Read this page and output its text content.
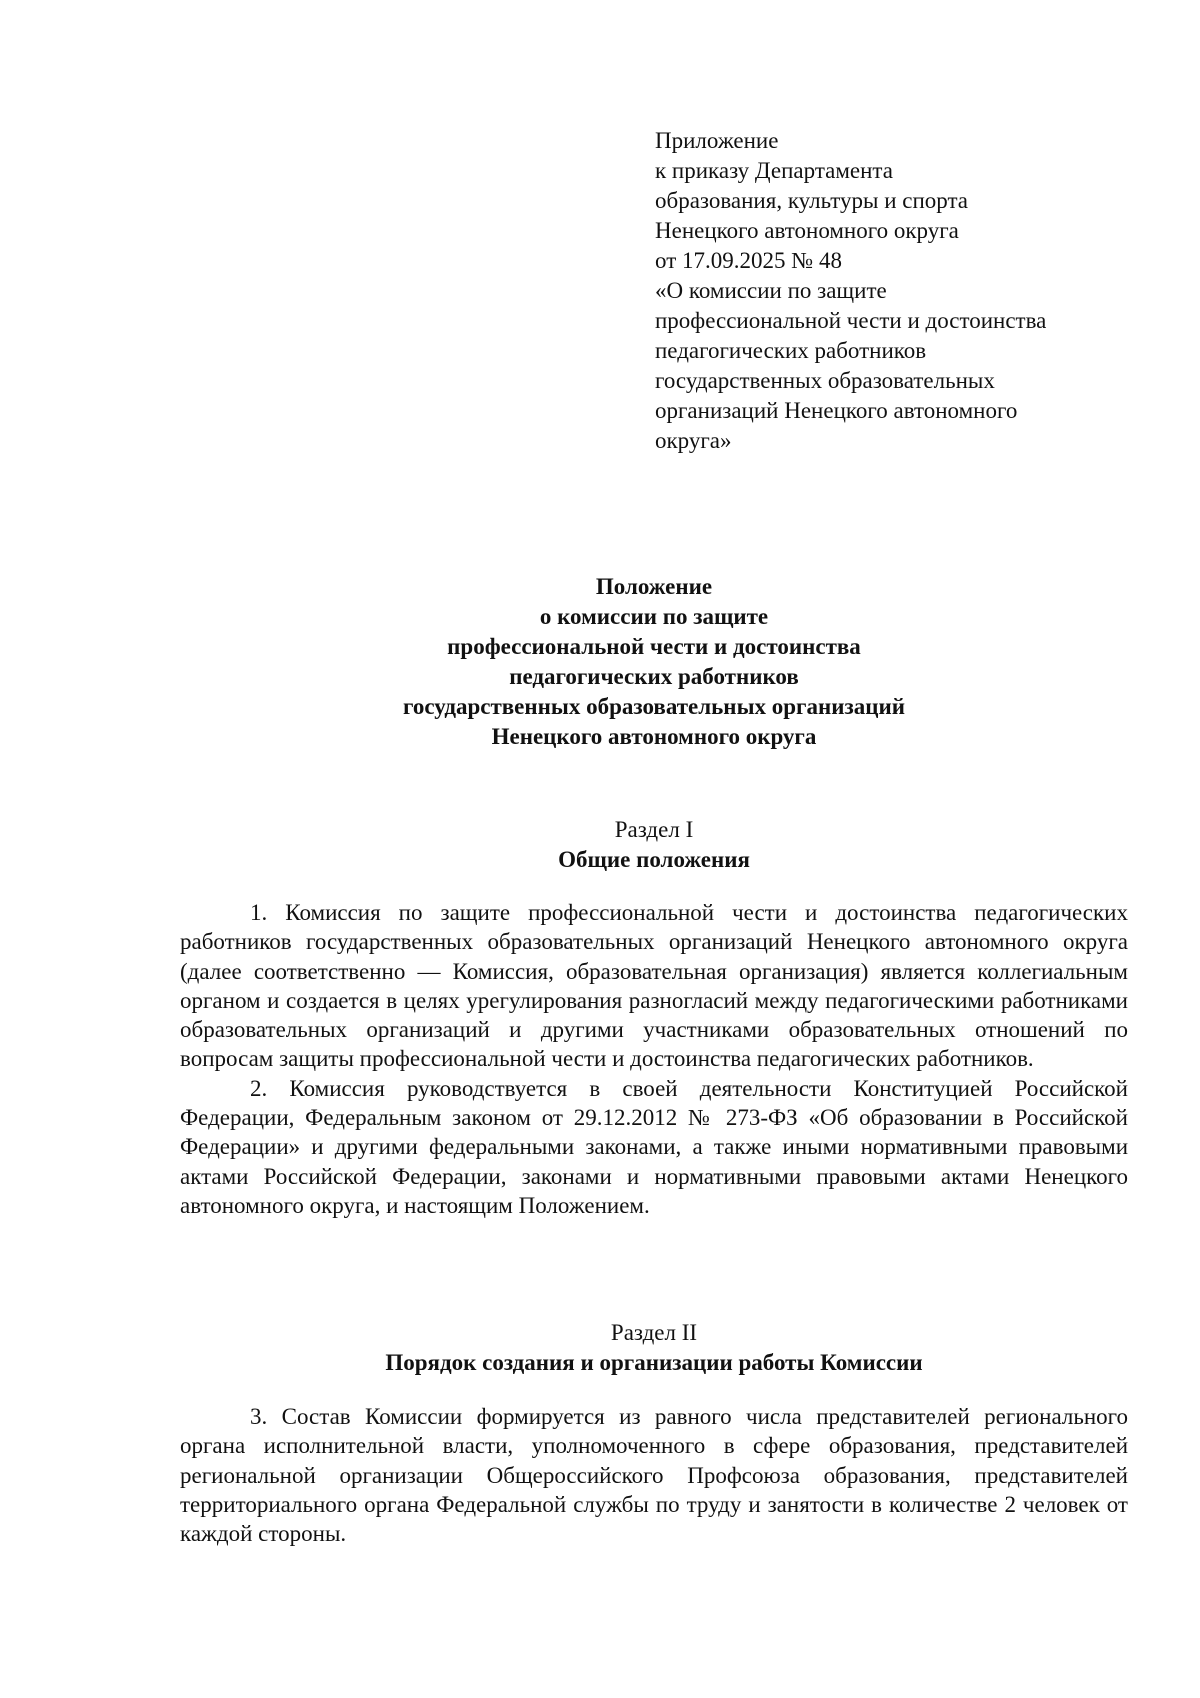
Приложение
к приказу Департамента
образования, культуры и спорта
Ненецкого автономного округа
от 17.09.2025 № 48
«О комиссии по защите
профессиональной чести и достоинства
педагогических работников
государственных образовательных
организаций Ненецкого автономного
округа»
Положение
о комиссии по защите
профессиональной чести и достоинства
педагогических работников
государственных образовательных организаций
Ненецкого автономного округа
Раздел I
Общие положения

1. Комиссия по защите профессиональной чести и достоинства педагогических работников государственных образовательных организаций Ненецкого автономного округа (далее соответственно — Комиссия, образовательная организация) является коллегиальным органом и создается в целях урегулирования разногласий между педагогическими работниками образовательных организаций и другими участниками образовательных отношений по вопросам защиты профессиональной чести и достоинства педагогических работников.

2. Комиссия руководствуется в своей деятельности Конституцией Российской Федерации, Федеральным законом от 29.12.2012 № 273-ФЗ «Об образовании в Российской Федерации» и другими федеральными законами, а также иными нормативными правовыми актами Российской Федерации, законами и нормативными правовыми актами Ненецкого автономного округа, и настоящим Положением.

Раздел II
Порядок создания и организации работы Комиссии

3. Состав Комиссии формируется из равного числа представителей регионального органа исполнительной власти, уполномоченного в сфере образования, представителей региональной организации Общероссийского Профсоюза образования, представителей территориального органа Федеральной службы по труду и занятости в количестве 2 человек от каждой стороны.
